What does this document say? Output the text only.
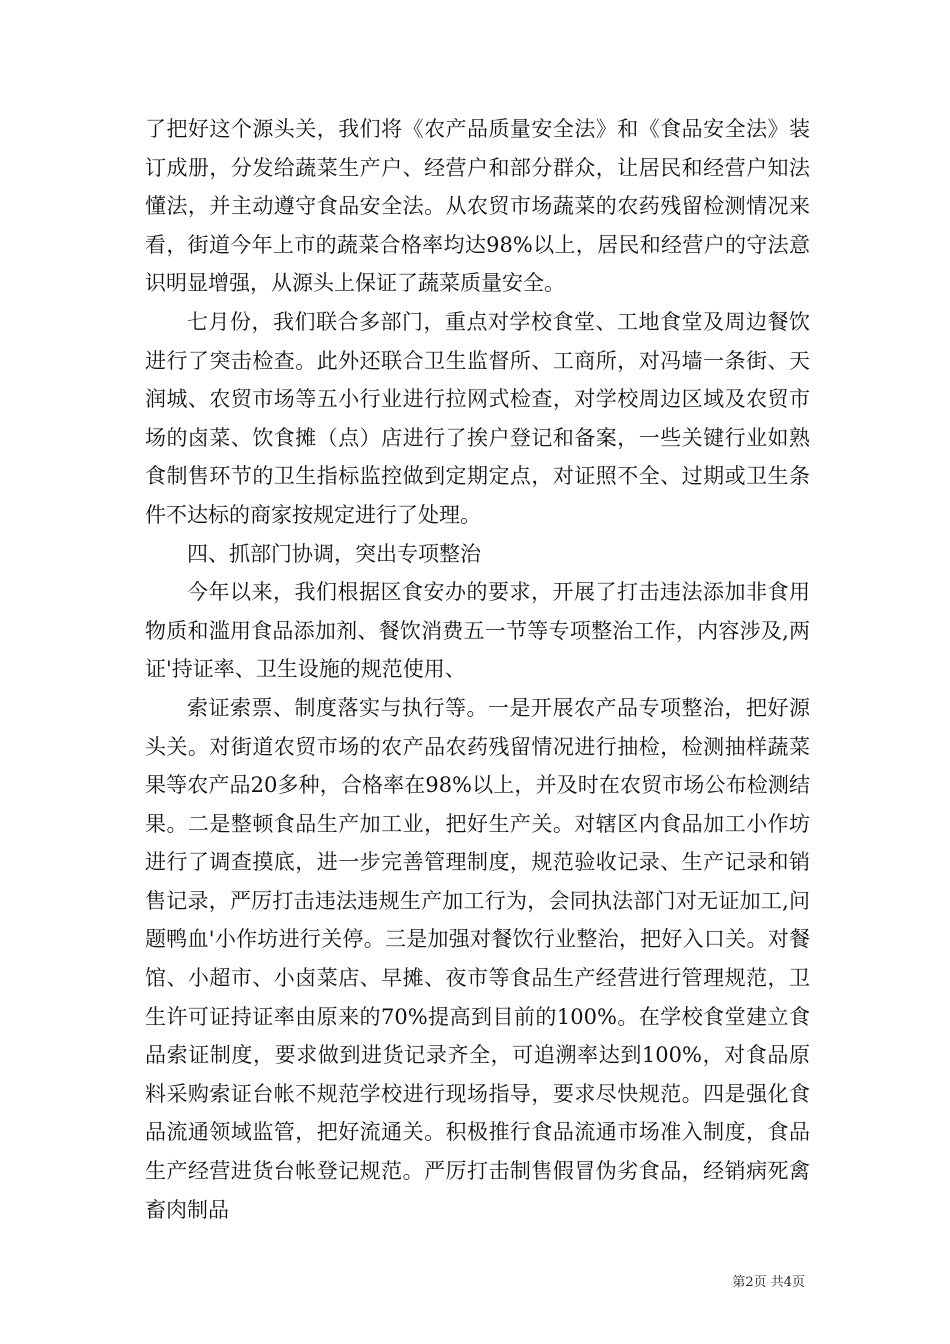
了把好这个源头关，我们将《农产品质量安全法》和《食品安全法》装订成册，分发给蔬菜生产户、经营户和部分群众，让居民和经营户知法懂法，并主动遵守食品安全法。从农贸市场蔬菜的农药残留检测情况来看，街道今年上市的蔬菜合格率均达98%以上，居民和经营户的守法意识明显增强，从源头上保证了蔬菜质量安全。

七月份，我们联合多部门，重点对学校食堂、工地食堂及周边餐饮进行了突击检查。此外还联合卫生监督所、工商所，对冯墙一条街、天润城、农贸市场等五小行业进行拉网式检查，对学校周边区域及农贸市场的卤菜、饮食摊（点）店进行了挨户登记和备案，一些关键行业如熟食制售环节的卫生指标监控做到定期定点，对证照不全、过期或卫生条件不达标的商家按规定进行了处理。

四、抓部门协调，突出专项整治

今年以来，我们根据区食安办的要求，开展了打击违法添加非食用物质和滥用食品添加剂、餐饮消费五一节等专项整治工作，内容涉及,两证'持证率、卫生设施的规范使用、

索证索票、制度落实与执行等。一是开展农产品专项整治，把好源头关。对街道农贸市场的农产品农药残留情况进行抽检，检测抽样蔬菜果等农产品20多种，合格率在98%以上，并及时在农贸市场公布检测结果。二是整顿食品生产加工业，把好生产关。对辖区内食品加工小作坊进行了调查摸底，进一步完善管理制度，规范验收记录、生产记录和销售记录，严厉打击违法违规生产加工行为，会同执法部门对无证加工,问题鸭血'小作坊进行关停。三是加强对餐饮行业整治，把好入口关。对餐馆、小超市、小卤菜店、早摊、夜市等食品生产经营进行管理规范，卫生许可证持证率由原来的70%提高到目前的100%。在学校食堂建立食品索证制度，要求做到进货记录齐全，可追溯率达到100%，对食品原料采购索证台帐不规范学校进行现场指导，要求尽快规范。四是强化食品流通领域监管，把好流通关。积极推行食品流通市场准入制度，食品生产经营进货台帐登记规范。严厉打击制售假冒伪劣食品，经销病死禽畜肉制品

第2页 共4页
